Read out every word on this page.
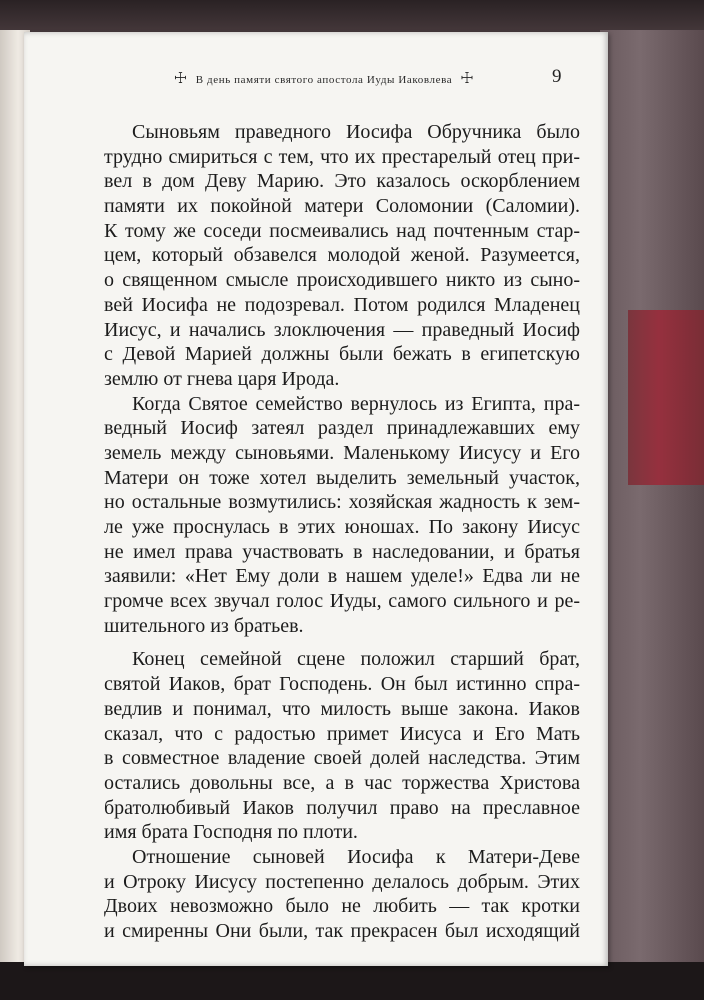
☩ В день памяти святого апостола Иуды Иаковлева ☩	9
Сыновьям праведного Иосифа Обручника было
трудно смириться с тем, что их престарелый отец при-
вел в дом Деву Марию. Это казалось оскорблением
памяти их покойной матери Соломонии (Саломии).
К тому же соседи посмеивались над почтенным стар-
цем, который обзавелся молодой женой. Разумеется,
о священном смысле происходившего никто из сыно-
вей Иосифа не подозревал. Потом родился Младенец
Иисус, и начались злоключения — праведный Иосиф
с Девой Марией должны были бежать в египетскую
землю от гнева царя Ирода.
Когда Святое семейство вернулось из Египта, пра-
ведный Иосиф затеял раздел принадлежавших ему
земель между сыновьями. Маленькому Иисусу и Его
Матери он тоже хотел выделить земельный участок,
но остальные возмутились: хозяйская жадность к зем-
ле уже проснулась в этих юношах. По закону Иисус
не имел права участвовать в наследовании, и братья
заявили: «Нет Ему доли в нашем уделе!» Едва ли не
громче всех звучал голос Иуды, самого сильного и ре-
шительного из братьев.
Конец семейной сцене положил старший брат,
святой Иаков, брат Господень. Он был истинно спра-
ведлив и понимал, что милость выше закона. Иаков
сказал, что с радостью примет Иисуса и Его Мать
в совместное владение своей долей наследства. Этим
остались довольны все, а в час торжества Христова
братолюбивый Иаков получил право на преславное
имя брата Господня по плоти.
Отношение сыновей Иосифа к Матери-Деве
и Отроку Иисусу постепенно делалось добрым. Этих
Двоих невозможно было не любить — так кротки
и смиренны Они были, так прекрасен был исходящий
